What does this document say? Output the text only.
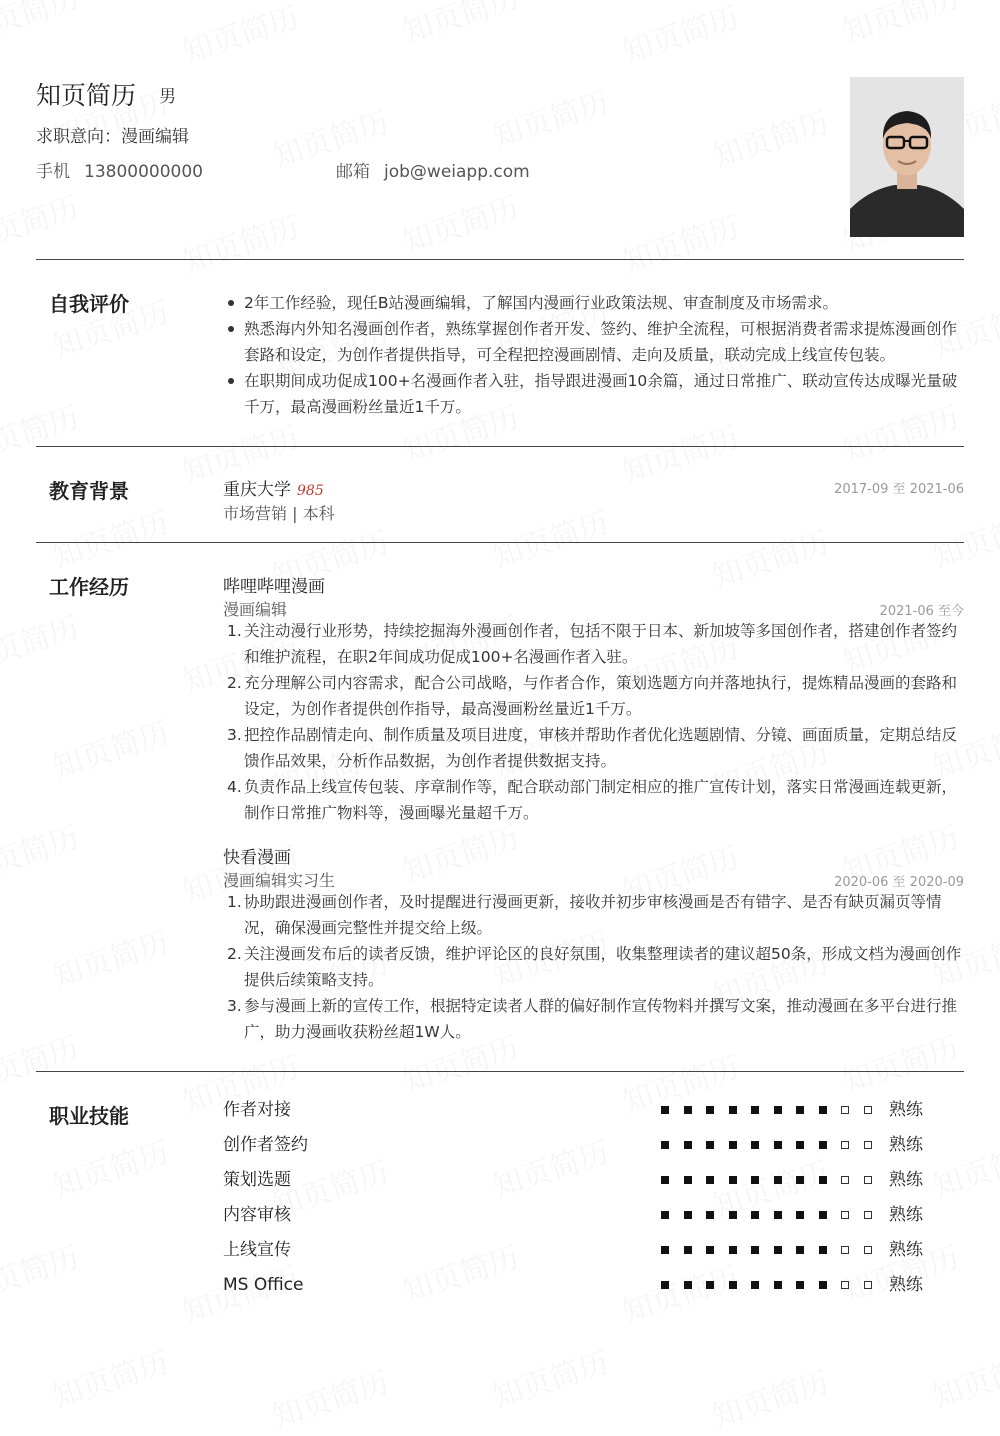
知页简历 男
求职意向：漫画编辑
手机 13800000000	邮箱 job@weiapp.com
自我评价	2年工作经验，现任B站漫画编辑，了解国内漫画行业政策法规、审查制度及市场需求。
熟悉海内外知名漫画创作者，熟练掌握创作者开发、签约、维护全流程，可根据消费者需求提炼漫画创作套路和设定，为创作者提供指导，可全程把控漫画剧情、走向及质量，联动完成上线宣传包装。
在职期间成功促成100+名漫画作者入驻，指导跟进漫画10余篇，通过日常推广、联动宣传达成曝光量破千万，最高漫画粉丝量近1千万。
教育背景	重庆大学 985
市场营销 | 本科
2017-09 至 2021-06
工作经历	哔哩哔哩漫画
漫画编辑	2021-06 至今
1. 关注动漫行业形势，持续挖掘海外漫画创作者，包括不限于日本、新加坡等多国创作者，搭建创作者签约和维护流程，在职2年间成功促成100+名漫画作者入驻。
2. 充分理解公司内容需求，配合公司战略，与作者合作，策划选题方向并落地执行，提炼精品漫画的套路和设定，为创作者提供创作指导，最高漫画粉丝量近1千万。
3. 把控作品剧情走向、制作质量及项目进度，审核并帮助作者优化选题剧情、分镜、画面质量，定期总结反馈作品效果，分析作品数据，为创作者提供数据支持。
4. 负责作品上线宣传包装、序章制作等，配合联动部门制定相应的推广宣传计划，落实日常漫画连载更新，制作日常推广物料等，漫画曝光量超千万。
快看漫画
漫画编辑实习生	2020-06 至 2020-09
1. 协助跟进漫画创作者，及时提醒进行漫画更新，接收并初步审核漫画是否有错字、是否有缺页漏页等情况，确保漫画完整性并提交给上级。
2. 关注漫画发布后的读者反馈，维护评论区的良好氛围，收集整理读者的建议超50条，形成文档为漫画创作提供后续策略支持。
3. 参与漫画上新的宣传工作，根据特定读者人群的偏好制作宣传物料并撰写文案，推动漫画在多平台进行推广，助力漫画收获粉丝超1W人。
职业技能	作者对接	熟练
创作者签约	熟练
策划选题	熟练
内容审核	熟练
上线宣传	熟练
MS Office	熟练
